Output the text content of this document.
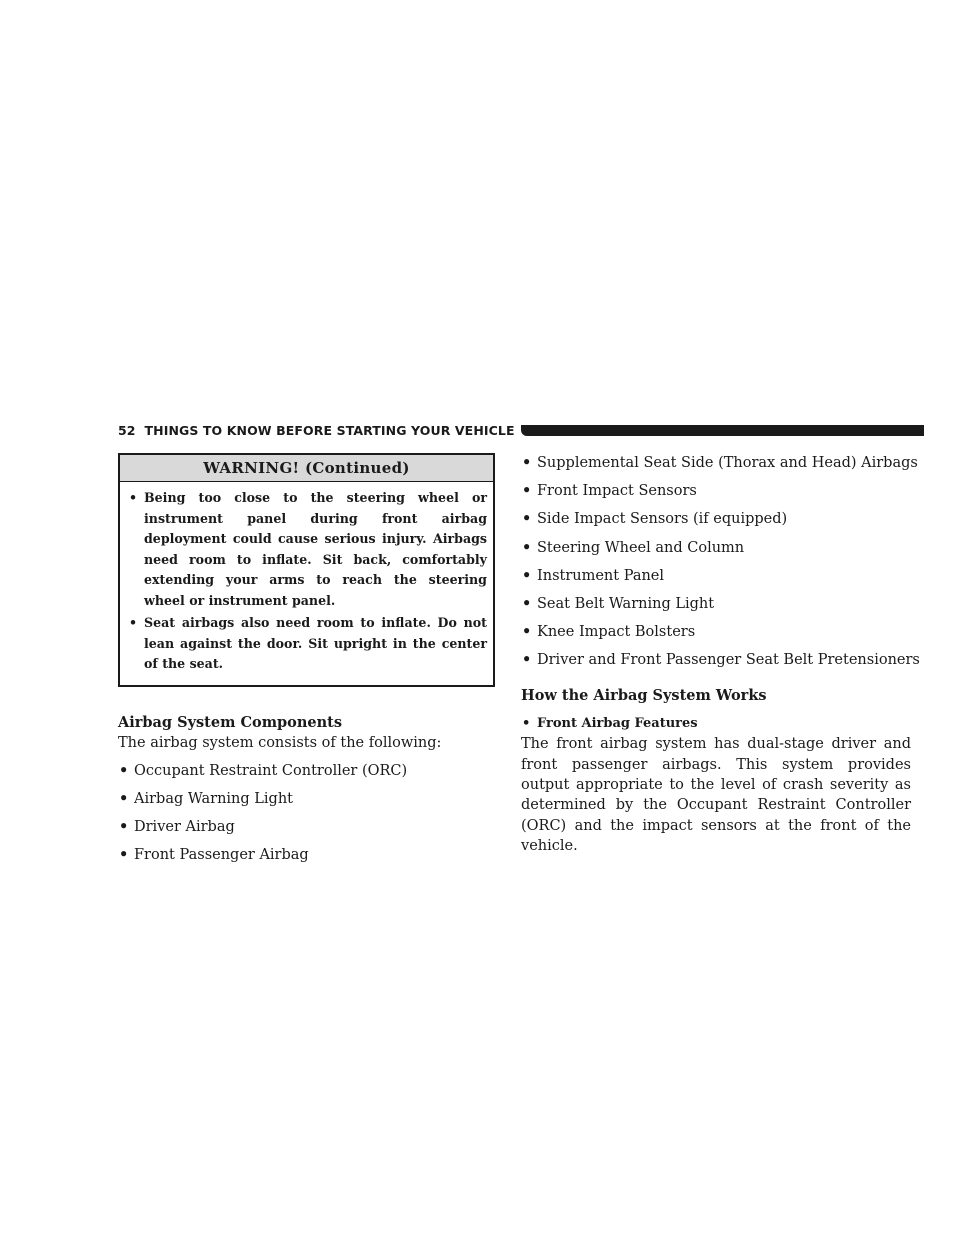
52 THINGS TO KNOW BEFORE STARTING YOUR VEHICLE
WARNING! (Continued)
• Being too close to the steering wheel or instrument panel during front airbag deployment could cause serious injury. Airbags need room to inflate. Sit back, comfortably extending your arms to reach the steering wheel or instrument panel.
• Seat airbags also need room to inflate. Do not lean against the door. Sit upright in the center of the seat.
Airbag System Components

The airbag system consists of the following:

• Occupant Restraint Controller (ORC)
• Airbag Warning Light
• Driver Airbag
• Front Passenger Airbag
• Supplemental Seat Side (Thorax and Head) Airbags
• Front Impact Sensors
• Side Impact Sensors (if equipped)
• Steering Wheel and Column
• Instrument Panel
• Seat Belt Warning Light
• Knee Impact Bolsters
• Driver and Front Passenger Seat Belt Pretensioners
How the Airbag System Works
• Front Airbag Features

The front airbag system has dual-stage driver and front passenger airbags. This system provides output appropriate to the level of crash severity as determined by the Occupant Restraint Controller (ORC) and the impact sensors at the front of the vehicle.
